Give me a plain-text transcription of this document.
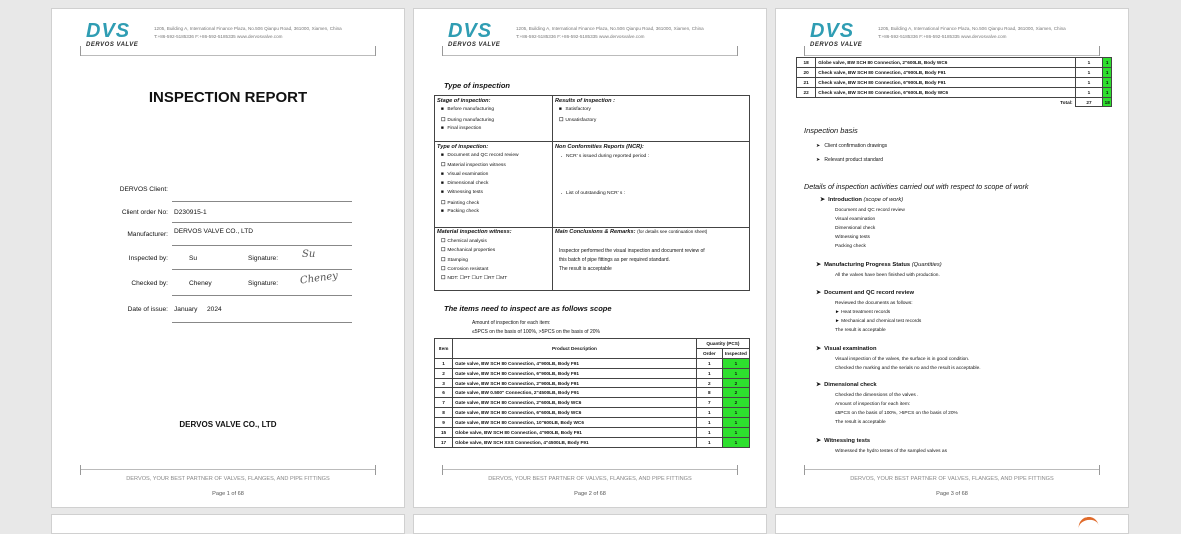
DVS
DERVOS VALVE
1205, Building A, International Finance Plaza, No.506 Qianpu Road, 361000, Xiamen, China
T:+86-592-5185336 F:+86-592-5185335 www.dervosvalve.com
INSPECTION REPORT
DERVOS Client:
Client order No: D230915-1
Manufacturer: DERVOS VALVE CO., LTD
Inspected by:	Su	Signature: Su
Checked by:	Cheney	Signature: Cheney
Date of issue: January 2024
DERVOS VALVE CO., LTD
DERVOS, YOUR BEST PARTNER OF VALVES, FLANGES, AND PIPE FITTINGS
Page 1 of 68
DVS
DERVOS VALVE
1205, Building A, International Finance Plaza, No.506 Qianpu Road, 361000, Xiamen, China
T:+86-592-5185336 F:+86-592-5185335 www.dervosvalve.com
Type of inspection
Stage of inspection:
■ Before manufacturing
☐ During manufacturing
■ Final inspection
Results of inspection :
■ Satisfactory
☐ Unsatisfactory
Type of inspection:
■ Document and QC record review
☐ Material inspection witness
■ Visual examination
■ Dimensional check
■ Witnessing tests
☐ Painting check
■ Packing check
Non Conformities Reports (NCR):
. NCR’ s issued during reported period :
. List of outstanding NCR’ s :
Material inspection witness:
☐ Chemical analysis
☐ Mechanical properties
☐ Stamping
☐ Corrosion resistant
☐ NDT: ☐PT ☐UT ☐RT ☐MT
Main Conclusions & Remarks: (for details see continuation sheet)
Inspector performed the visual inspection and document review of
this batch of pipe fittings as per required standard.
The result is acceptable
The items need to inspect are as follows scope
Amount of inspection for each item:
≤5PCS on the basis of 100%, >5PCS on the basis of 20%
Item	Product Description	Quantity (PCS)	
		Order	Inspected
1	Gate valve, BW SCH 80 Connection, 4"900LB, Body F91	1	1
2	Gate valve, BW SCH 80 Connection, 6"900LB, Body F91	1	1
3	Gate valve, BW SCH 80 Connection, 2"900LB, Body F91	2	2
6	Gate valve, BW 0.500" Connection, 2"4500LB, Body F91	8	2
7	Gate valve, BW SCH 80 Connection, 2"600LB, Body WC6	7	2
8	Gate valve, BW SCH 80 Connection, 6"600LB, Body WC6	1	1
9	Gate valve, BW SCH 80 Connection, 10"600LB, Body WC6	1	1
15	Globe valve, BW SCH 80 Connection, 4"900LB, Body F91	1	1
17	Globe valve, BW SCH XXS Connection, 4"4500LB, Body F91	1	1
DERVOS, YOUR BEST PARTNER OF VALVES, FLANGES, AND PIPE FITTINGS
Page 2 of 68
DVS
DERVOS VALVE
1205, Building A, International Finance Plaza, No.506 Qianpu Road, 361000, Xiamen, China
T:+86-592-5185336 F:+86-592-5185335 www.dervosvalve.com
18	Globe valve, BW SCH 80 Connection, 2"600LB, Body WC6	1	1
20	Check valve, BW SCH 80 Connection, 4"900LB, Body F91	1	1
21	Check valve, BW SCH 80 Connection, 6"900LB, Body F91	1	1
22	Check valve, BW SCH 80 Connection, 6"600LB, Body WC6	1	1
	Total:	27	18
Inspection basis
➤   Client confirmation drawings
➤   Relevant product standard
Details of inspection activities carried out with respect to scope of work
➤  Introduction (scope of work)
Document and QC record review
Visual examination
Dimensional check
Witnessing tests
Packing check
➤  Manufacturing Progress Status (Quantities)
All the valves have been finished with production.
➤  Document and QC record review
Reviewed the documents as follows:
► Heat treatment records
► Mechanical and chemical test records
The result is acceptable
➤  Visual examination
Visual inspection of the valves, the surface is in good condition.
Checked the marking and the serials no and the result is acceptable.
➤  Dimensional check
Checked the dimensions of the valves .
Amount of inspection for each item:
≤5PCS on the basis of 100%, >5PCS on the basis of 20%
The result is acceptable
➤  Witnessing tests
Witnessed the hydro testes of the sampled valves as
DERVOS, YOUR BEST PARTNER OF VALVES, FLANGES, AND PIPE FITTINGS
Page 3 of 68
